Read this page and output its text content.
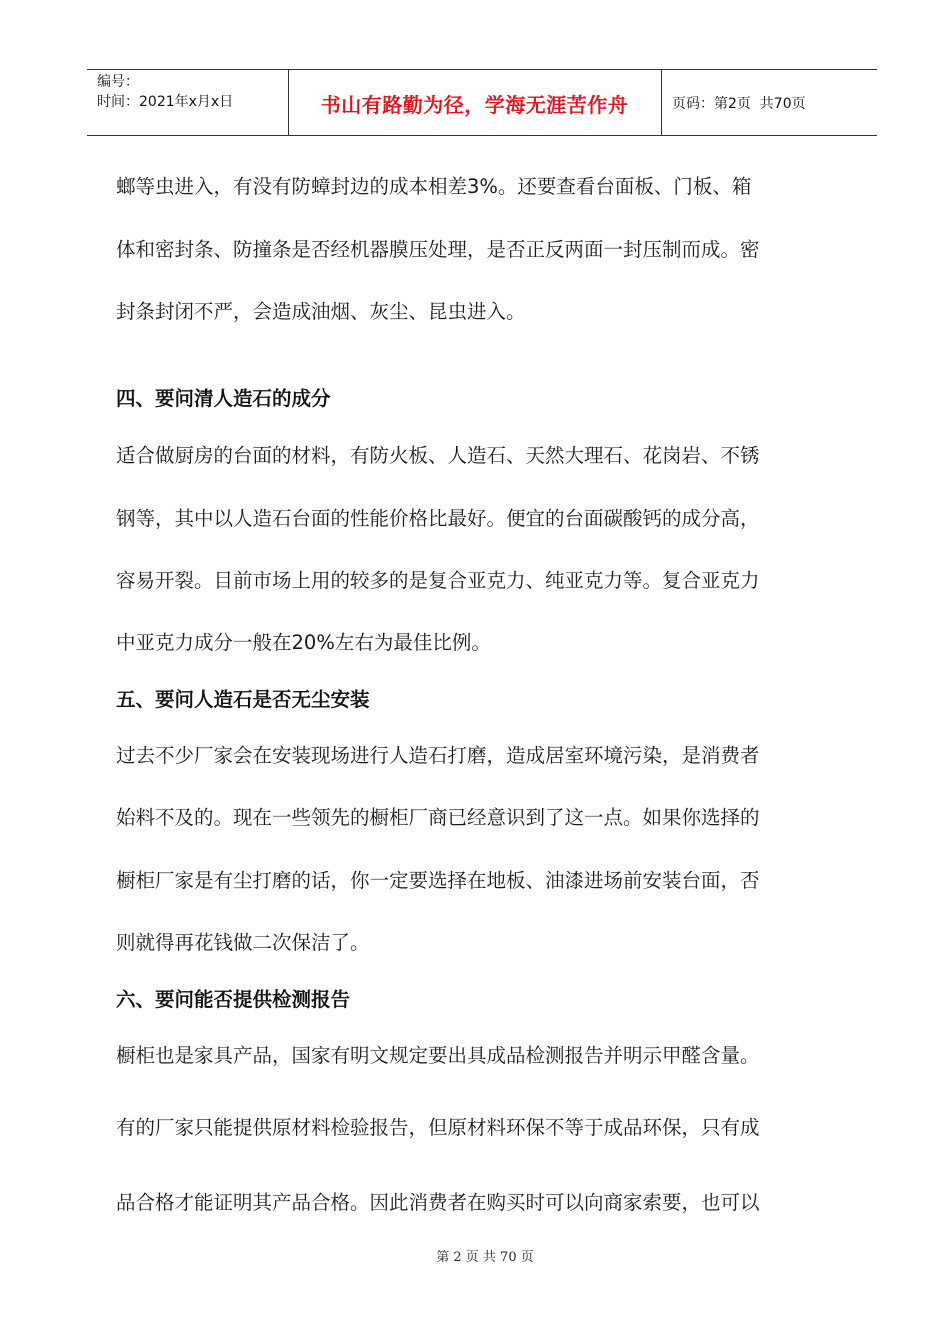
编号：
时间：2021年x月x日	书山有路勤为径，学海无涯苦作舟	页码：第2页  共70页
螂等虫进入，有没有防蟑封边的成本相差3%。还要查看台面板、门板、箱
体和密封条、防撞条是否经机器膜压处理，是否正反两面一封压制而成。密
封条封闭不严，会造成油烟、灰尘、昆虫进入。
四、要问清人造石的成分
适合做厨房的台面的材料，有防火板、人造石、天然大理石、花岗岩、不锈
钢等，其中以人造石台面的性能价格比最好。便宜的台面碳酸钙的成分高，
容易开裂。目前市场上用的较多的是复合亚克力、纯亚克力等。复合亚克力
中亚克力成分一般在20%左右为最佳比例。
五、要问人造石是否无尘安装
过去不少厂家会在安装现场进行人造石打磨，造成居室环境污染，是消费者
始料不及的。现在一些领先的橱柜厂商已经意识到了这一点。如果你选择的
橱柜厂家是有尘打磨的话，你一定要选择在地板、油漆进场前安装台面，否
则就得再花钱做二次保洁了。
六、要问能否提供检测报告
橱柜也是家具产品，国家有明文规定要出具成品检测报告并明示甲醛含量。
有的厂家只能提供原材料检验报告，但原材料环保不等于成品环保，只有成
品合格才能证明其产品合格。因此消费者在购买时可以向商家索要，也可以
第 2 页 共 70 页
